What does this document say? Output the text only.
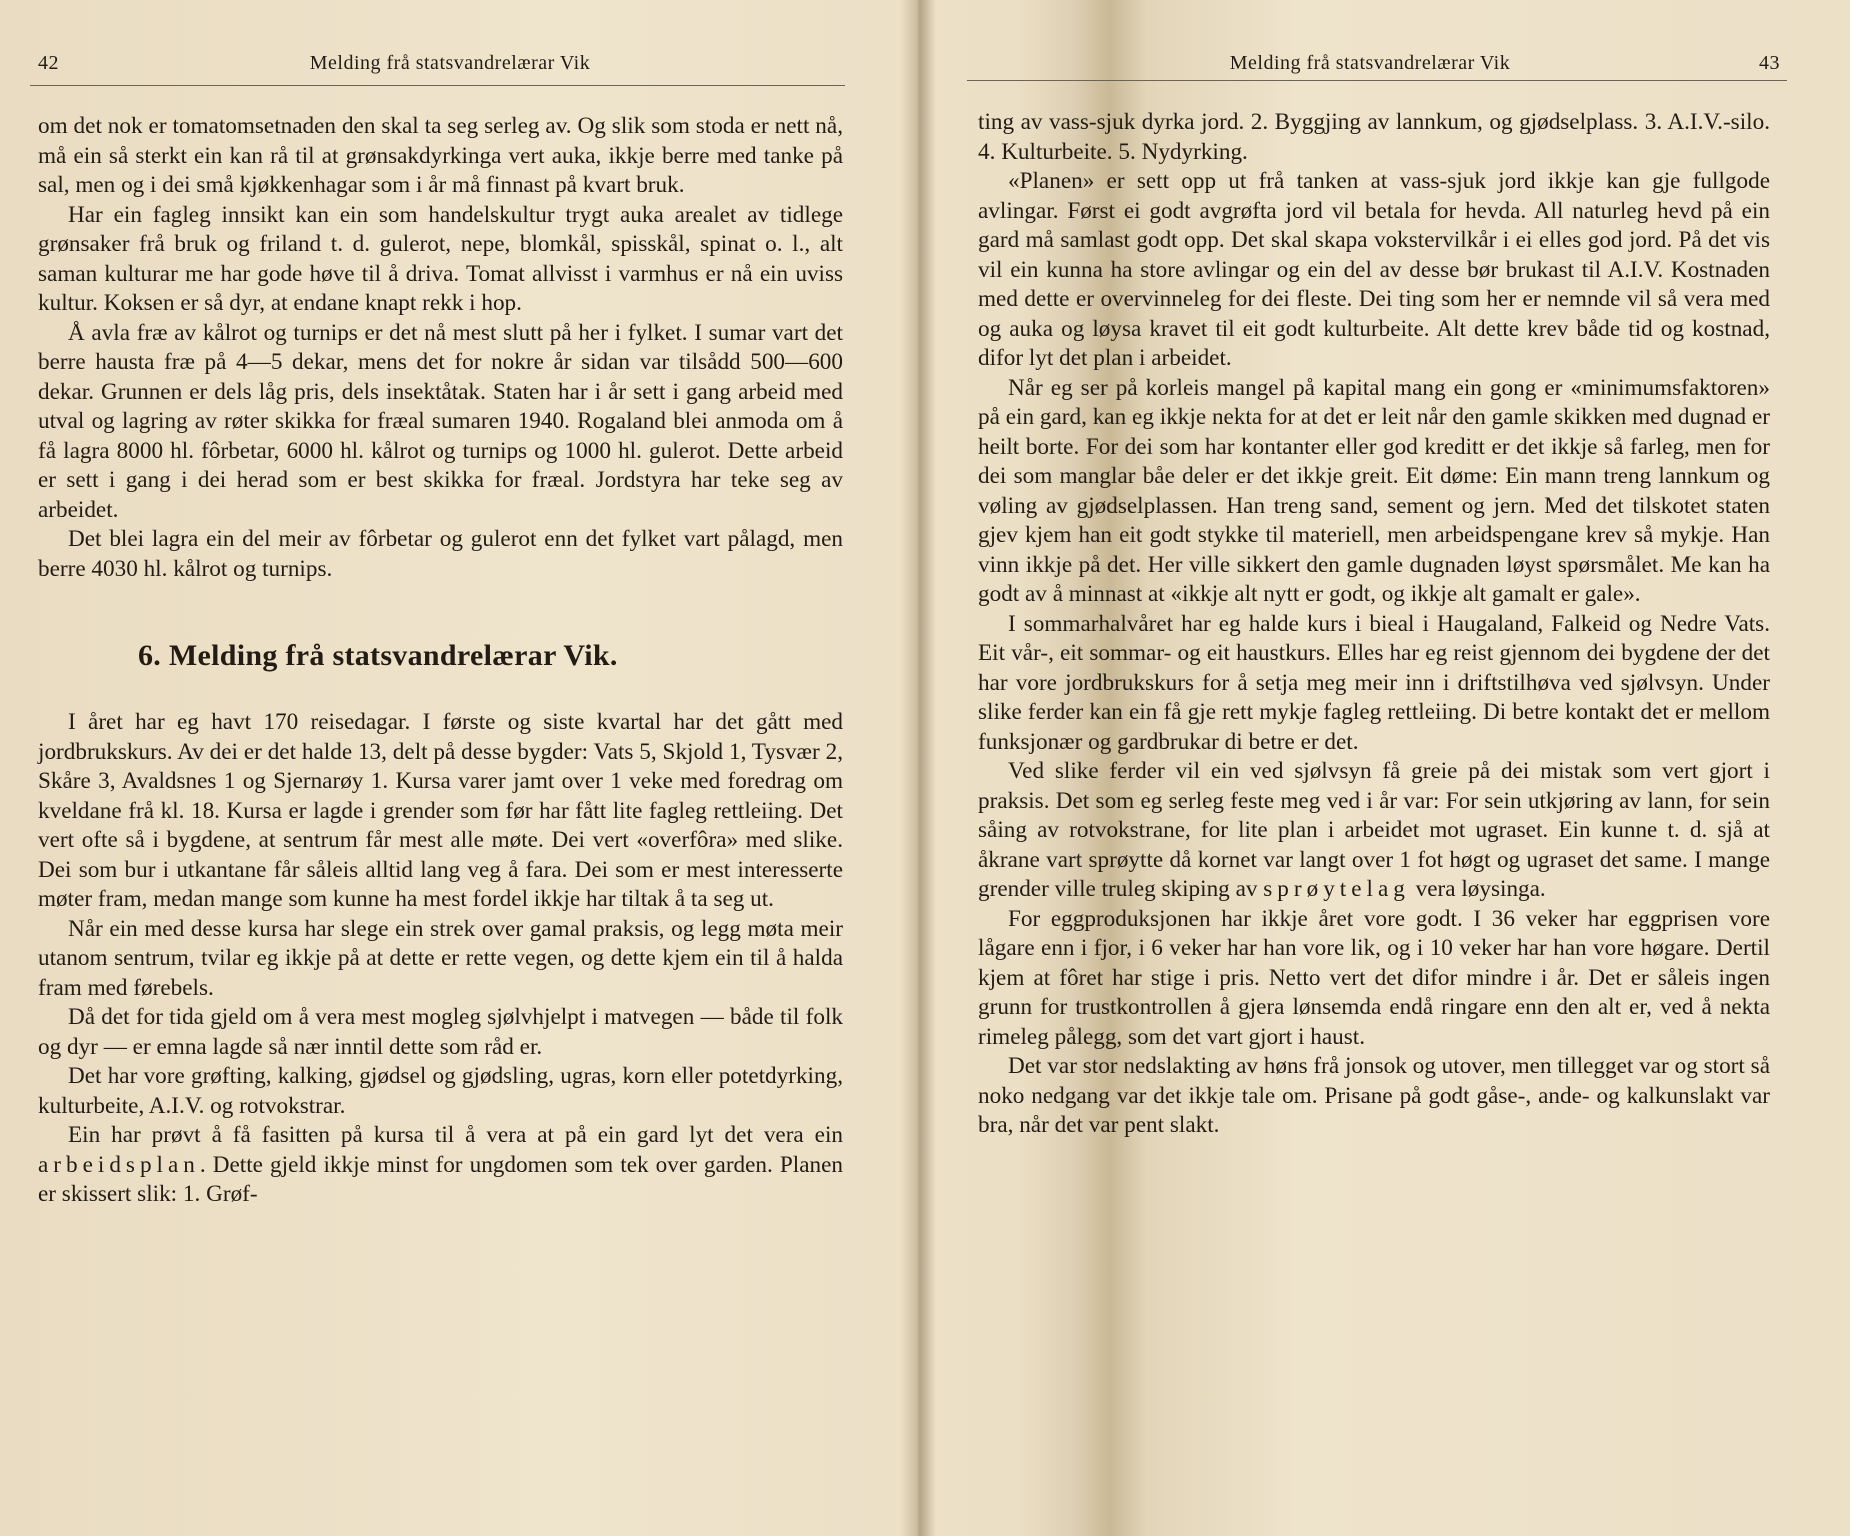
42	Melding frå statsvandrelærar Vik

om det nok er tomatomsetnaden den skal ta seg serleg av. Og slik som stoda er nett nå, må ein så sterkt ein kan rå til at grønsakdyrkinga vert auka, ikkje berre med tanke på sal, men og i dei små kjøkkenhagar som i år må finnast på kvart bruk.

Har ein fagleg innsikt kan ein som handelskultur trygt auka arealet av tidlege grønsaker frå bruk og friland t. d. gulerot, nepe, blomkål, spisskål, spinat o. l., alt saman kulturar me har gode høve til å driva. Tomat allvisst i varmhus er nå ein uviss kultur. Koksen er så dyr, at endane knapt rekk i hop.

Å avla fræ av kålrot og turnips er det nå mest slutt på her i fylket. I sumar vart det berre hausta fræ på 4—5 dekar, mens det for nokre år sidan var tilsådd 500—600 dekar. Grunnen er dels låg pris, dels insektåtak. Staten har i år sett i gang arbeid med utval og lagring av røter skikka for fræal sumaren 1940. Rogaland blei anmoda om å få lagra 8000 hl. fôrbetar, 6000 hl. kålrot og turnips og 1000 hl. gulerot. Dette arbeid er sett i gang i dei herad som er best skikka for fræal. Jordstyra har teke seg av arbeidet.

Det blei lagra ein del meir av fôrbetar og gulerot enn det fylket vart pålagd, men berre 4030 hl. kålrot og turnips.

6. Melding frå statsvandrelærar Vik.

I året har eg havt 170 reisedagar. I første og siste kvartal har det gått med jordbrukskurs. Av dei er det halde 13, delt på desse bygder: Vats 5, Skjold 1, Tysvær 2, Skåre 3, Avaldsnes 1 og Sjernarøy 1. Kursa varer jamt over 1 veke med foredrag om kveldane frå kl. 18. Kursa er lagde i grender som før har fått lite fagleg rettleiing. Det vert ofte så i bygdene, at sentrum får mest alle møte. Dei vert «overfôra» med slike. Dei som bur i utkantane får såleis alltid lang veg å fara. Dei som er mest interesserte møter fram, medan mange som kunne ha mest fordel ikkje har tiltak å ta seg ut.

Når ein med desse kursa har slege ein strek over gamal praksis, og legg møta meir utanom sentrum, tvilar eg ikkje på at dette er rette vegen, og dette kjem ein til å halda fram med førebels.

Då det for tida gjeld om å vera mest mogleg sjølvhjelpt i matvegen — både til folk og dyr — er emna lagde så nær inntil dette som råd er.

Det har vore grøfting, kalking, gjødsel og gjødsling, ugras, korn eller potetdyrking, kulturbeite, A.I.V. og rotvokstrar.

Ein har prøvt å få fasitten på kursa til å vera at på ein gard lyt det vera ein arbeidsplan. Dette gjeld ikkje minst for ungdomen som tek over garden. Planen er skissert slik: 1. Grøf-

Melding frå statsvandrelærar Vik	43

ting av vass-sjuk dyrka jord. 2. Byggjing av lannkum, og gjødselplass. 3. A.I.V.-silo. 4. Kulturbeite. 5. Nydyrking.

«Planen» er sett opp ut frå tanken at vass-sjuk jord ikkje kan gje fullgode avlingar. Først ei godt avgrøfta jord vil betala for hevda. All naturleg hevd på ein gard må samlast godt opp. Det skal skapa vokstervilkår i ei elles god jord. På det vis vil ein kunna ha store avlingar og ein del av desse bør brukast til A.I.V. Kostnaden med dette er overvinneleg for dei fleste. Dei ting som her er nemnde vil så vera med og auka og løysa kravet til eit godt kulturbeite. Alt dette krev både tid og kostnad, difor lyt det plan i arbeidet.

Når eg ser på korleis mangel på kapital mang ein gong er «minimumsfaktoren» på ein gard, kan eg ikkje nekta for at det er leit når den gamle skikken med dugnad er heilt borte. For dei som har kontanter eller god kreditt er det ikkje så farleg, men for dei som manglar båe deler er det ikkje greit. Eit døme: Ein mann treng lannkum og vøling av gjødselplassen. Han treng sand, sement og jern. Med det tilskotet staten gjev kjem han eit godt stykke til materiell, men arbeidspengane krev så mykje. Han vinn ikkje på det. Her ville sikkert den gamle dugnaden løyst spørsmålet. Me kan ha godt av å minnast at «ikkje alt nytt er godt, og ikkje alt gamalt er gale».

I sommarhalvåret har eg halde kurs i bieal i Haugaland, Falkeid og Nedre Vats. Eit vår-, eit sommar- og eit haustkurs. Elles har eg reist gjennom dei bygdene der det har vore jordbrukskurs for å setja meg meir inn i driftstilhøva ved sjølvsyn. Under slike ferder kan ein få gje rett mykje fagleg rettleiing. Di betre kontakt det er mellom funksjonær og gardbrukar di betre er det.

Ved slike ferder vil ein ved sjølvsyn få greie på dei mistak som vert gjort i praksis. Det som eg serleg feste meg ved i år var: For sein utkjøring av lann, for sein såing av rotvokstrane, for lite plan i arbeidet mot ugraset. Ein kunne t. d. sjå at åkrane vart sprøytte då kornet var langt over 1 fot høgt og ugraset det same. I mange grender ville truleg skiping av sprøytelag vera løysinga.

For eggproduksjonen har ikkje året vore godt. I 36 veker har eggprisen vore lågare enn i fjor, i 6 veker har han vore lik, og i 10 veker har han vore høgare. Dertil kjem at fôret har stige i pris. Netto vert det difor mindre i år. Det er såleis ingen grunn for trustkontrollen å gjera lønsemda endå ringare enn den alt er, ved å nekta rimeleg pålegg, som det vart gjort i haust.

Det var stor nedslakting av høns frå jonsok og utover, men tillegget var og stort så noko nedgang var det ikkje tale om. Prisane på godt gåse-, ande- og kalkunslakt var bra, når det var pent slakt.
